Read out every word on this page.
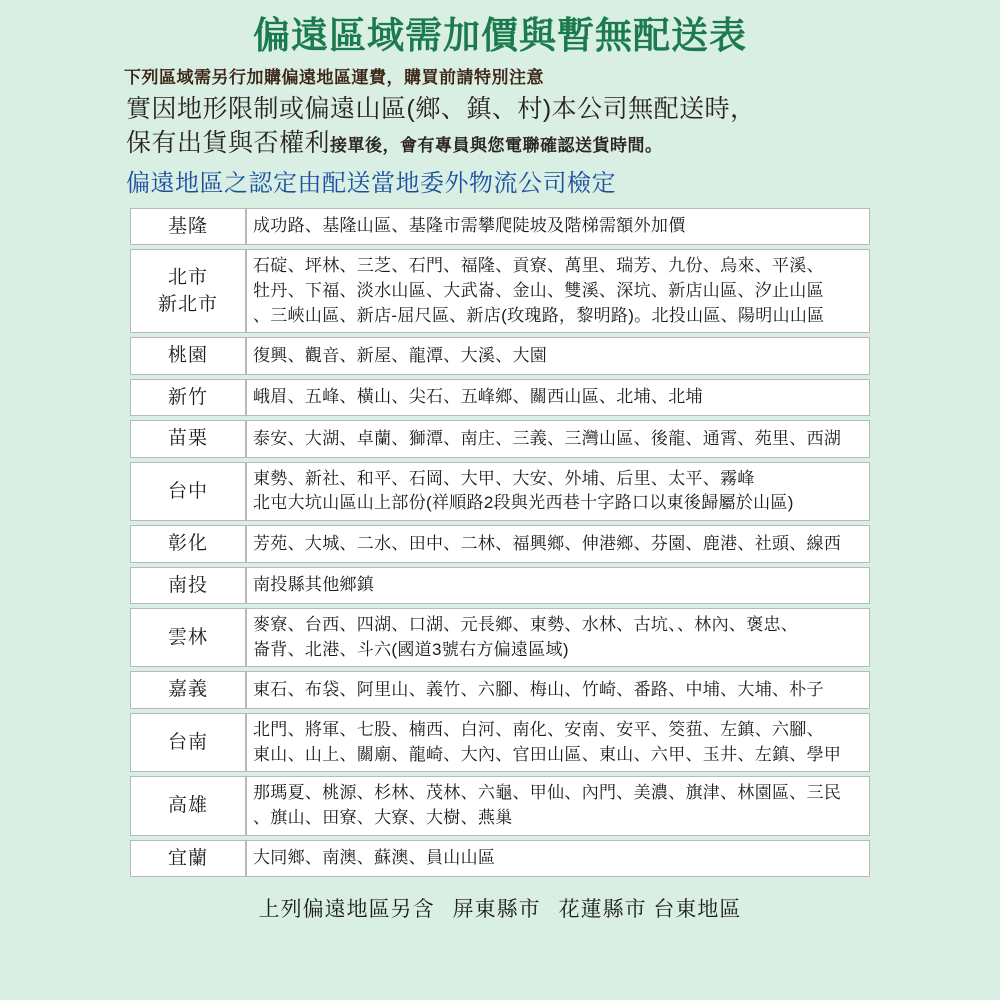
偏遠區域需加價與暫無配送表
下列區域需另行加購偏遠地區運費，購買前請特別注意
實因地形限制或偏遠山區(鄉、鎮、村)本公司無配送時，
保有出貨與否權利接單後，會有專員與您電聯確認送貨時間。
偏遠地區之認定由配送當地委外物流公司檢定
基隆	成功路、基隆山區、基隆市需攀爬陡坡及階梯需額外加價

北市
新北市	石碇、坪林、三芝、石門、福隆、貢寮、萬里、瑞芳、九份、烏來、平溪、
牡丹、下福、淡水山區、大武崙、金山、雙溪、深坑、新店山區、汐止山區
、三峽山區、新店-屈尺區、新店(玫瑰路，黎明路)。北投山區、陽明山山區

桃園	復興、觀音、新屋、龍潭、大溪、大園

新竹	峨眉、五峰、橫山、尖石、五峰鄉、關西山區、北埔、北埔

苗栗	泰安、大湖、卓蘭、獅潭、南庄、三義、三灣山區、後龍、通霄、苑里、西湖

台中	東勢、新社、和平、石岡、大甲、大安、外埔、后里、太平、霧峰
北屯大坑山區山上部份(祥順路2段與光西巷十字路口以東後歸屬於山區)

彰化	芳苑、大城、二水、田中、二林、福興鄉、伸港鄉、芬園、鹿港、社頭、線西

南投	南投縣其他鄉鎮

雲林	麥寮、台西、四湖、口湖、元長鄉、東勢、水林、古坑、、林內、褒忠、
崙背、北港、斗六(國道3號右方偏遠區域)

嘉義	東石、布袋、阿里山、義竹、六腳、梅山、竹崎、番路、中埔、大埔、朴子

台南	北門、將軍、七股、楠西、白河、南化、安南、安平、筊莥、左鎮、六腳、
東山、山上、關廟、龍崎、大內、官田山區、東山、六甲、玉井、左鎮、學甲

高雄	那瑪夏、桃源、杉林、茂林、六龜、甲仙、內門、美濃、旗津、林園區、三民
、旗山、田寮、大寮、大樹、燕巢

宜蘭	大同鄉、南澳、蘇澳、員山山區
上列偏遠地區另含 屏東縣市 花蓮縣市 台東地區
